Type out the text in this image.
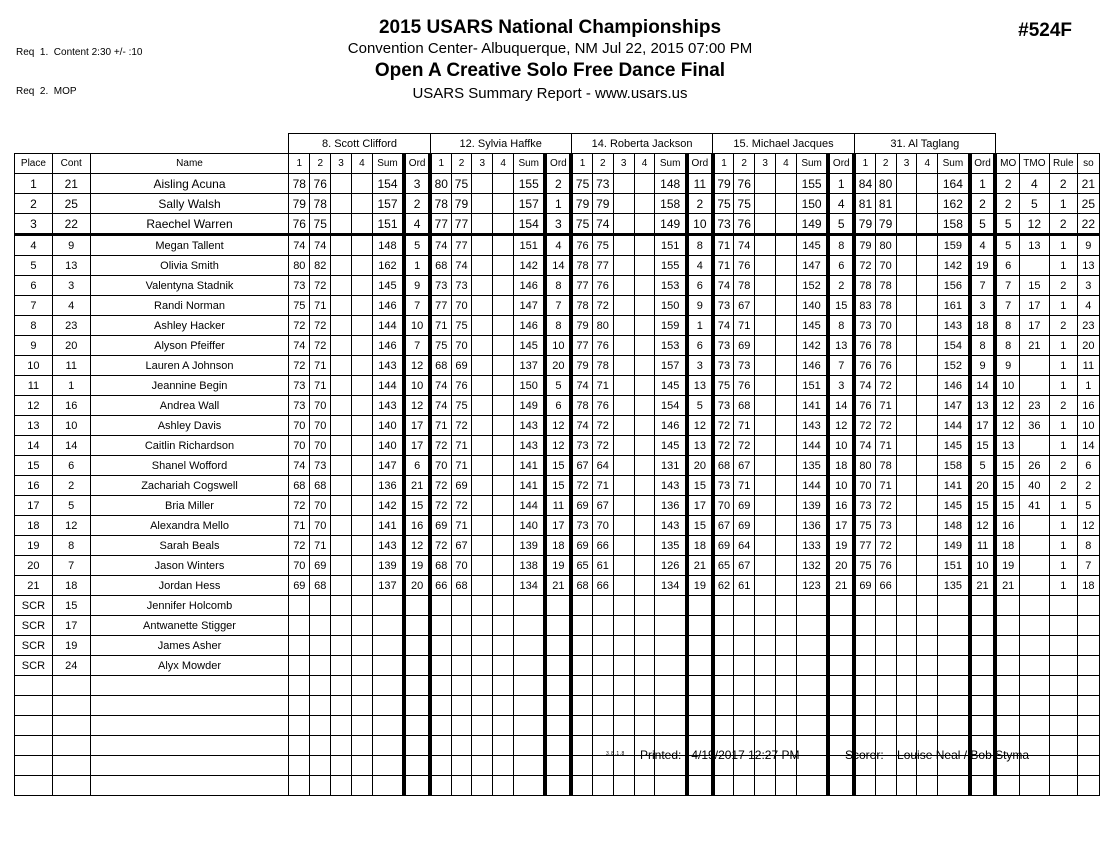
Req  1.  Content 2:30 +/- :10

Req  2.  MOP

2015 USARS National Championships
Convention Center- Albuquerque, NM Jul 22, 2015 07:00 PM
Open A Creative Solo Free Dance Final
USARS Summary Report - www.usars.us
#524F
			8. Scott Clifford						12. Sylvia Haffke						14. Roberta Jackson						15. Michael Jacques						31. Al Taglang									
Place	Cont	Name	1	2	3	4	Sum	Ord	1	2	3	4	Sum	Ord	1	2	3	4	Sum	Ord	1	2	3	4	Sum	Ord	1	2	3	4	Sum	Ord	MO	TMO	Rule	so
1	21	Aisling Acuna	78	76			154	3	80	75			155	2	75	73			148	11	79	76			155	1	84	80			164	1	2	4	2	21
2	25	Sally Walsh	79	78			157	2	78	79			157	1	79	79			158	2	75	75			150	4	81	81			162	2	2	5	1	25
3	22	Raechel Warren	76	75			151	4	77	77			154	3	75	74			149	10	73	76			149	5	79	79			158	5	5	12	2	22
4	9	Megan Tallent	74	74			148	5	74	77			151	4	76	75			151	8	71	74			145	8	79	80			159	4	5	13	1	9
5	13	Olivia Smith	80	82			162	1	68	74			142	14	78	77			155	4	71	76			147	6	72	70			142	19	6		1	13
6	3	Valentyna Stadnik	73	72			145	9	73	73			146	8	77	76			153	6	74	78			152	2	78	78			156	7	7	15	2	3
7	4	Randi Norman	75	71			146	7	77	70			147	7	78	72			150	9	73	67			140	15	83	78			161	3	7	17	1	4
8	23	Ashley Hacker	72	72			144	10	71	75			146	8	79	80			159	1	74	71			145	8	73	70			143	18	8	17	2	23
9	20	Alyson Pfeiffer	74	72			146	7	75	70			145	10	77	76			153	6	73	69			142	13	76	78			154	8	8	21	1	20
10	11	Lauren A Johnson	72	71			143	12	68	69			137	20	79	78			157	3	73	73			146	7	76	76			152	9	9		1	11
11	1	Jeannine Begin	73	71			144	10	74	76			150	5	74	71			145	13	75	76			151	3	74	72			146	14	10		1	1
12	16	Andrea Wall	73	70			143	12	74	75			149	6	78	76			154	5	73	68			141	14	76	71			147	13	12	23	2	16
13	10	Ashley Davis	70	70			140	17	71	72			143	12	74	72			146	12	72	71			143	12	72	72			144	17	12	36	1	10
14	14	Caitlin Richardson	70	70			140	17	72	71			143	12	73	72			145	13	72	72			144	10	74	71			145	15	13		1	14
15	6	Shanel Wofford	74	73			147	6	70	71			141	15	67	64			131	20	68	67			135	18	80	78			158	5	15	26	2	6
16	2	Zachariah Cogswell	68	68			136	21	72	69			141	15	72	71			143	15	73	71			144	10	70	71			141	20	15	40	2	2
17	5	Bria Miller	72	70			142	15	72	72			144	11	69	67			136	17	70	69			139	16	73	72			145	15	15	41	1	5
18	12	Alexandra Mello	71	70			141	16	69	71			140	17	73	70			143	15	67	69			136	17	75	73			148	12	16		1	12
19	8	Sarah Beals	72	71			143	12	72	67			139	18	69	66			135	18	69	64			133	19	77	72			149	11	18		1	8
20	7	Jason Winters	70	69			139	19	68	70			138	19	65	61			126	21	65	67			132	20	75	76			151	10	19		1	7
21	18	Jordan Hess	69	68			137	20	66	68			134	21	68	66			134	19	62	61			123	21	69	66			135	21	21		1	18
SCR	15	Jennifer Holcomb																																		
SCR	17	Antwanette Stigger																																		
SCR	19	James Asher																																		
SCR	24	Alyx Mowder																																		

3.8.1.8 Printed: 4/19/2017 12:27 PM	Scorer: Louise Neal / Bob Styma
